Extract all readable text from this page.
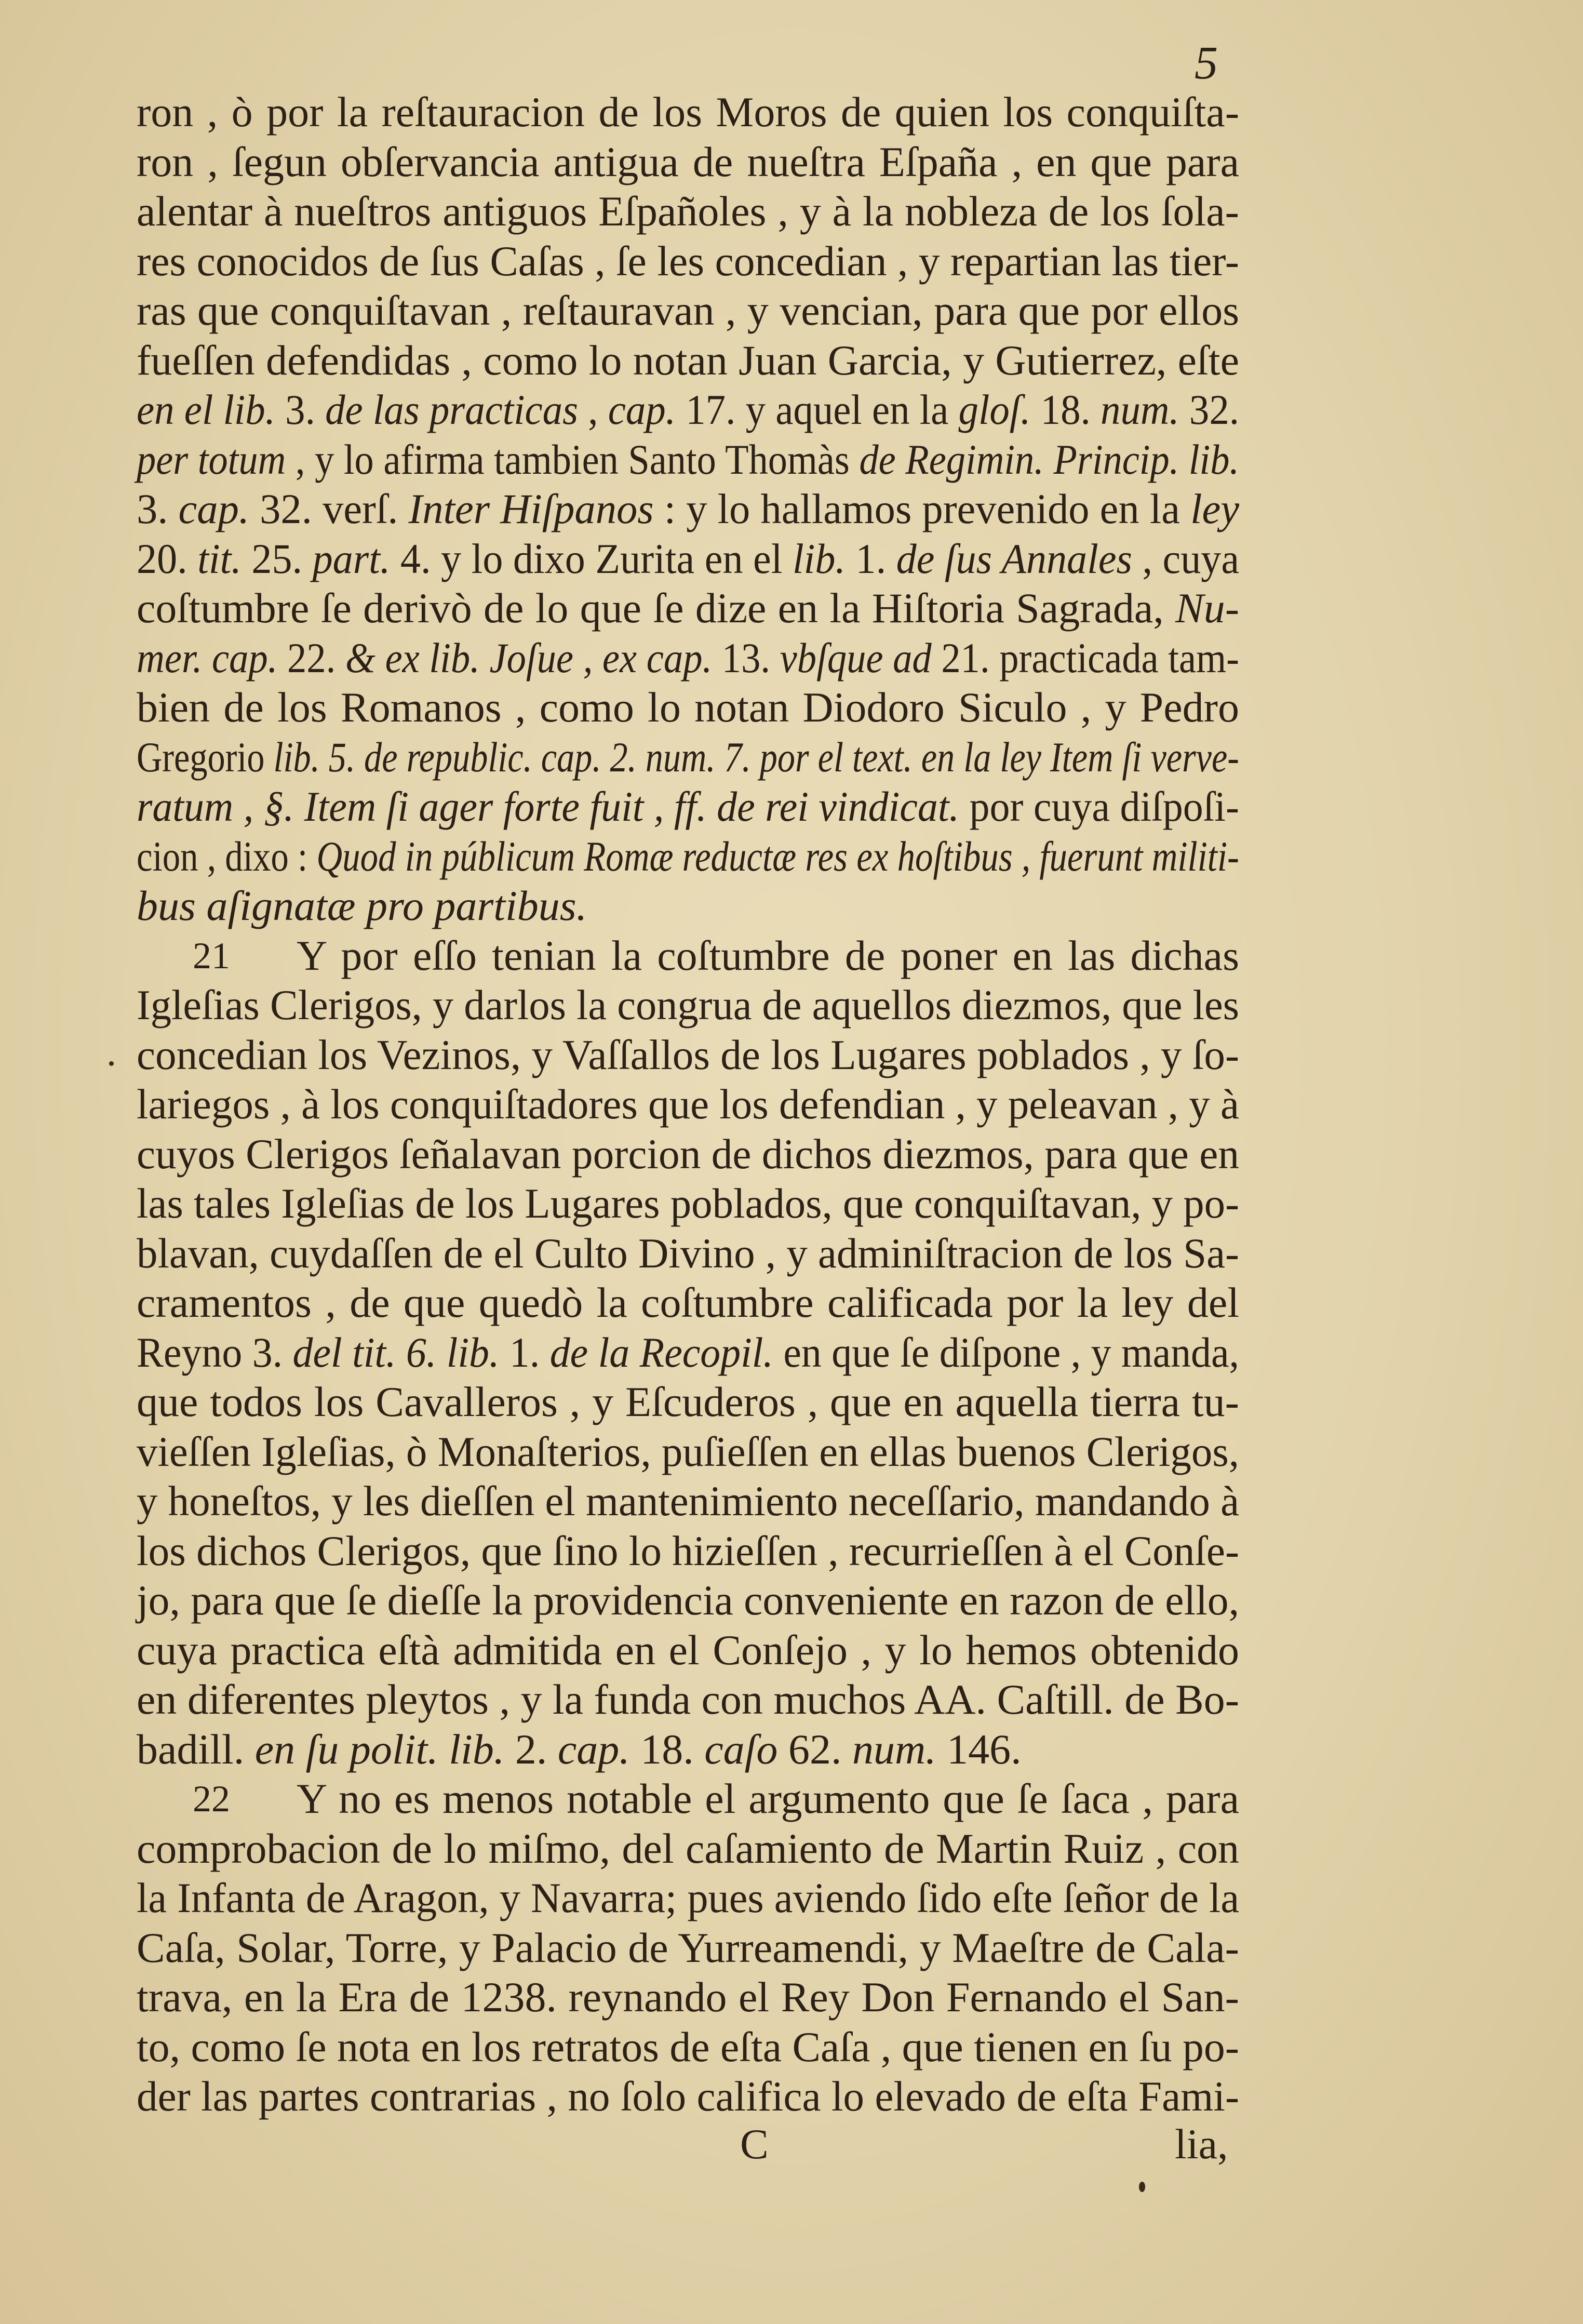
5
ron , ò por la reſtauracion de los Moros de quien los conquiſta-
ron , ſegun obſervancia antigua de nueſtra Eſpaña , en que para
alentar à nueſtros antiguos Eſpañoles , y à la nobleza de los ſola-
res conocidos de ſus Caſas , ſe les concedian , y repartian las tier-
ras que conquiſtavan , reſtauravan , y vencian, para que por ellos
fueſſen defendidas , como lo notan Juan Garcia, y Gutierrez, eſte
en el lib. 3. de las practicas , cap. 17. y aquel en la gloſ. 18. num. 32.
per totum , y lo afirma tambien Santo Thomàs de Regimin. Princip. lib.
3. cap. 32. verſ. Inter Hiſpanos : y lo hallamos prevenido en la ley
20. tit. 25. part. 4. y lo dixo Zurita en el lib. 1. de ſus Annales , cuya
coſtumbre ſe derivò de lo que ſe dize en la Hiſtoria Sagrada, Nu-
mer. cap. 22. & ex lib. Joſue , ex cap. 13. vbſque ad 21. practicada tam-
bien de los Romanos , como lo notan Diodoro Siculo , y Pedro
Gregorio lib. 5. de republic. cap. 2. num. 7. por el text. en la ley Item ſi verve-
ratum , §. Item ſi ager forte fuit , ff. de rei vindicat. por cuya diſpoſi-
cion , dixo : Quod in públicum Romæ reductæ res ex hoſtibus , fuerunt militi-
bus aſignatæ pro partibus.
21 Y por eſſo tenian la coſtumbre de poner en las dichas
Igleſias Clerigos, y darlos la congrua de aquellos diezmos, que les
concedian los Vezinos, y Vaſſallos de los Lugares poblados , y ſo-
lariegos , à los conquiſtadores que los defendian , y peleavan , y à
cuyos Clerigos ſeñalavan porcion de dichos diezmos, para que en
las tales Igleſias de los Lugares poblados, que conquiſtavan, y po-
blavan, cuydaſſen de el Culto Divino , y adminiſtracion de los Sa-
cramentos , de que quedò la coſtumbre calificada por la ley del
Reyno 3. del tit. 6. lib. 1. de la Recopil. en que ſe diſpone , y manda,
que todos los Cavalleros , y Eſcuderos , que en aquella tierra tu-
vieſſen Igleſias, ò Monaſterios, puſieſſen en ellas buenos Clerigos,
y honeſtos, y les dieſſen el mantenimiento neceſſario, mandando à
los dichos Clerigos, que ſino lo hizieſſen , recurrieſſen à el Conſe-
jo, para que ſe dieſſe la providencia conveniente en razon de ello,
cuya practica eſtà admitida en el Conſejo , y lo hemos obtenido
en diferentes pleytos , y la funda con muchos AA. Caſtill. de Bo-
badill. en ſu polit. lib. 2. cap. 18. caſo 62. num. 146.
22 Y no es menos notable el argumento que ſe ſaca , para
comprobacion de lo miſmo, del caſamiento de Martin Ruiz , con
la Infanta de Aragon, y Navarra; pues aviendo ſido eſte ſeñor de la
Caſa, Solar, Torre, y Palacio de Yurreamendi, y Maeſtre de Cala-
trava, en la Era de 1238. reynando el Rey Don Fernando el San-
to, como ſe nota en los retratos de eſta Caſa , que tienen en ſu po-
der las partes contrarias , no ſolo califica lo elevado de eſta Fami-
C	lia,
